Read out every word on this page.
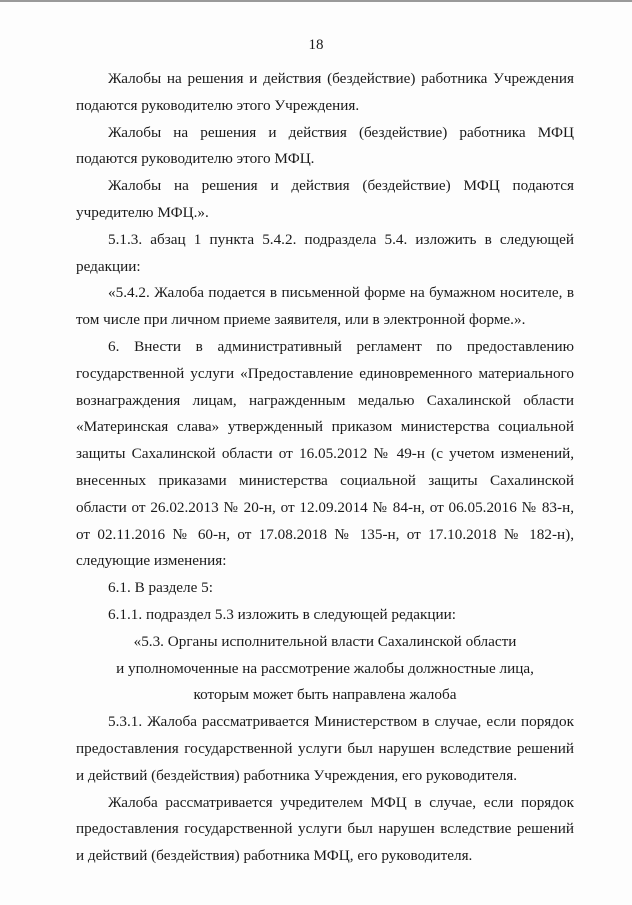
18

Жалобы на решения и действия (бездействие) работника Учреждения подаются руководителю этого Учреждения.

Жалобы на решения и действия (бездействие) работника МФЦ подаются руководителю этого МФЦ.

Жалобы на решения и действия (бездействие) МФЦ подаются учредителю МФЦ.».

5.1.3. абзац 1 пункта 5.4.2. подраздела 5.4. изложить в следующей редакции:

«5.4.2. Жалоба подается в письменной форме на бумажном носителе, в том числе при личном приеме заявителя, или в электронной форме.».

6. Внести в административный регламент по предоставлению государственной услуги «Предоставление единовременного материального вознаграждения лицам, награжденным медалью Сахалинской области «Материнская слава» утвержденный приказом министерства социальной защиты Сахалинской области от 16.05.2012 № 49-н (с учетом изменений, внесенных приказами министерства социальной защиты Сахалинской области от 26.02.2013 № 20-н, от 12.09.2014 № 84-н, от 06.05.2016 № 83-н, от 02.11.2016 № 60-н, от 17.08.2018 № 135-н, от 17.10.2018 № 182-н), следующие изменения:

6.1. В разделе 5:

6.1.1. подраздел 5.3 изложить в следующей редакции:

«5.3. Органы исполнительной власти Сахалинской области

и уполномоченные на рассмотрение жалобы должностные лица,

которым может быть направлена жалоба

5.3.1. Жалоба рассматривается Министерством в случае, если порядок предоставления государственной услуги был нарушен вследствие решений и действий (бездействия) работника Учреждения, его руководителя.

Жалоба рассматривается учредителем МФЦ в случае, если порядок предоставления государственной услуги был нарушен вследствие решений и действий (бездействия) работника МФЦ, его руководителя.
